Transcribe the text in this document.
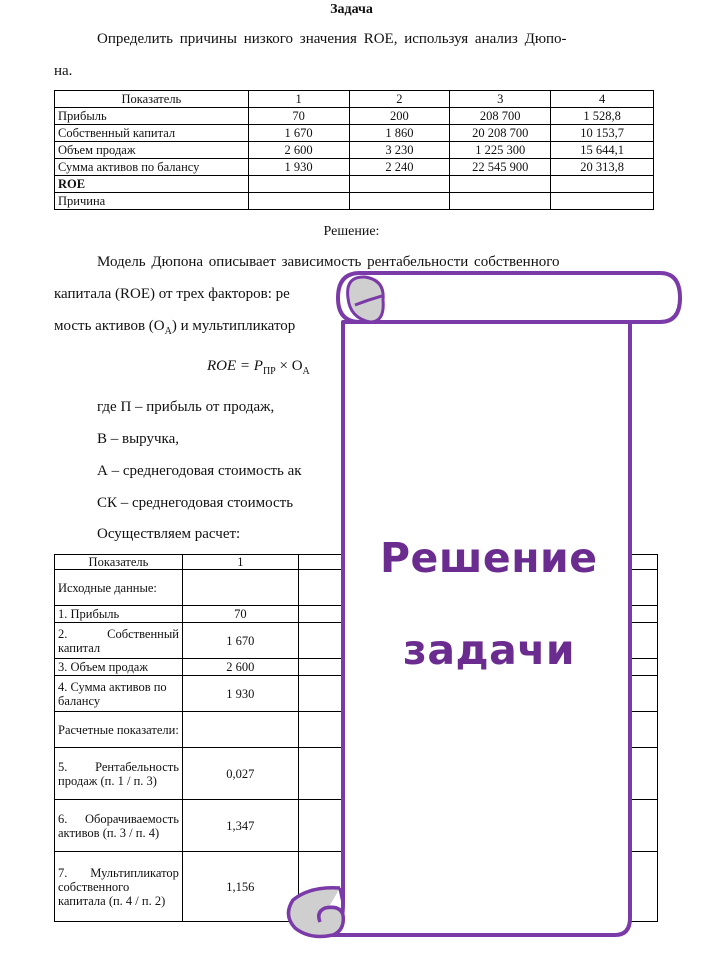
Задача
Определить причины низкого значения ROE, используя анализ Дюпо-
на.
Показатель	1	2	3	4
Прибыль	70	200	208 700	1 528,8
Собственный капитал	1 670	1 860	20 208 700	10 153,7
Объем продаж	2 600	3 230	1 225 300	15 644,1
Сумма активов по балансу	1 930	2 240	22 545 900	20 313,8
ROE				
Причина				
Решение:
Модель Дюпона описывает зависимость рентабельности собственного
капитала (ROE) от трех факторов: ре
мость активов $(O_A)$ и мультипликатор
ROE = $P_{ПР} \times O_A$
где П – прибыль от продаж,
В – выручка,
А – среднегодовая стоимость ак
СК – среднегодовая стоимость
Осуществляем расчет:
Показатель	1	
Исходные данные:		
1. Прибыль	70	
2. Собственный капитал	1 670	
3. Объем продаж	2 600	
4. Сумма активов по балансу	1 930	
Расчетные показатели:		
5. Рентабельность продаж (п. 1 / п. 3)	0,027	
6. Оборачиваемость активов (п. 3 / п. 4)	1,347	
7. Мультипликатор собственного капитала (п. 4 / п. 2)	1,156	
Решение
задачи
